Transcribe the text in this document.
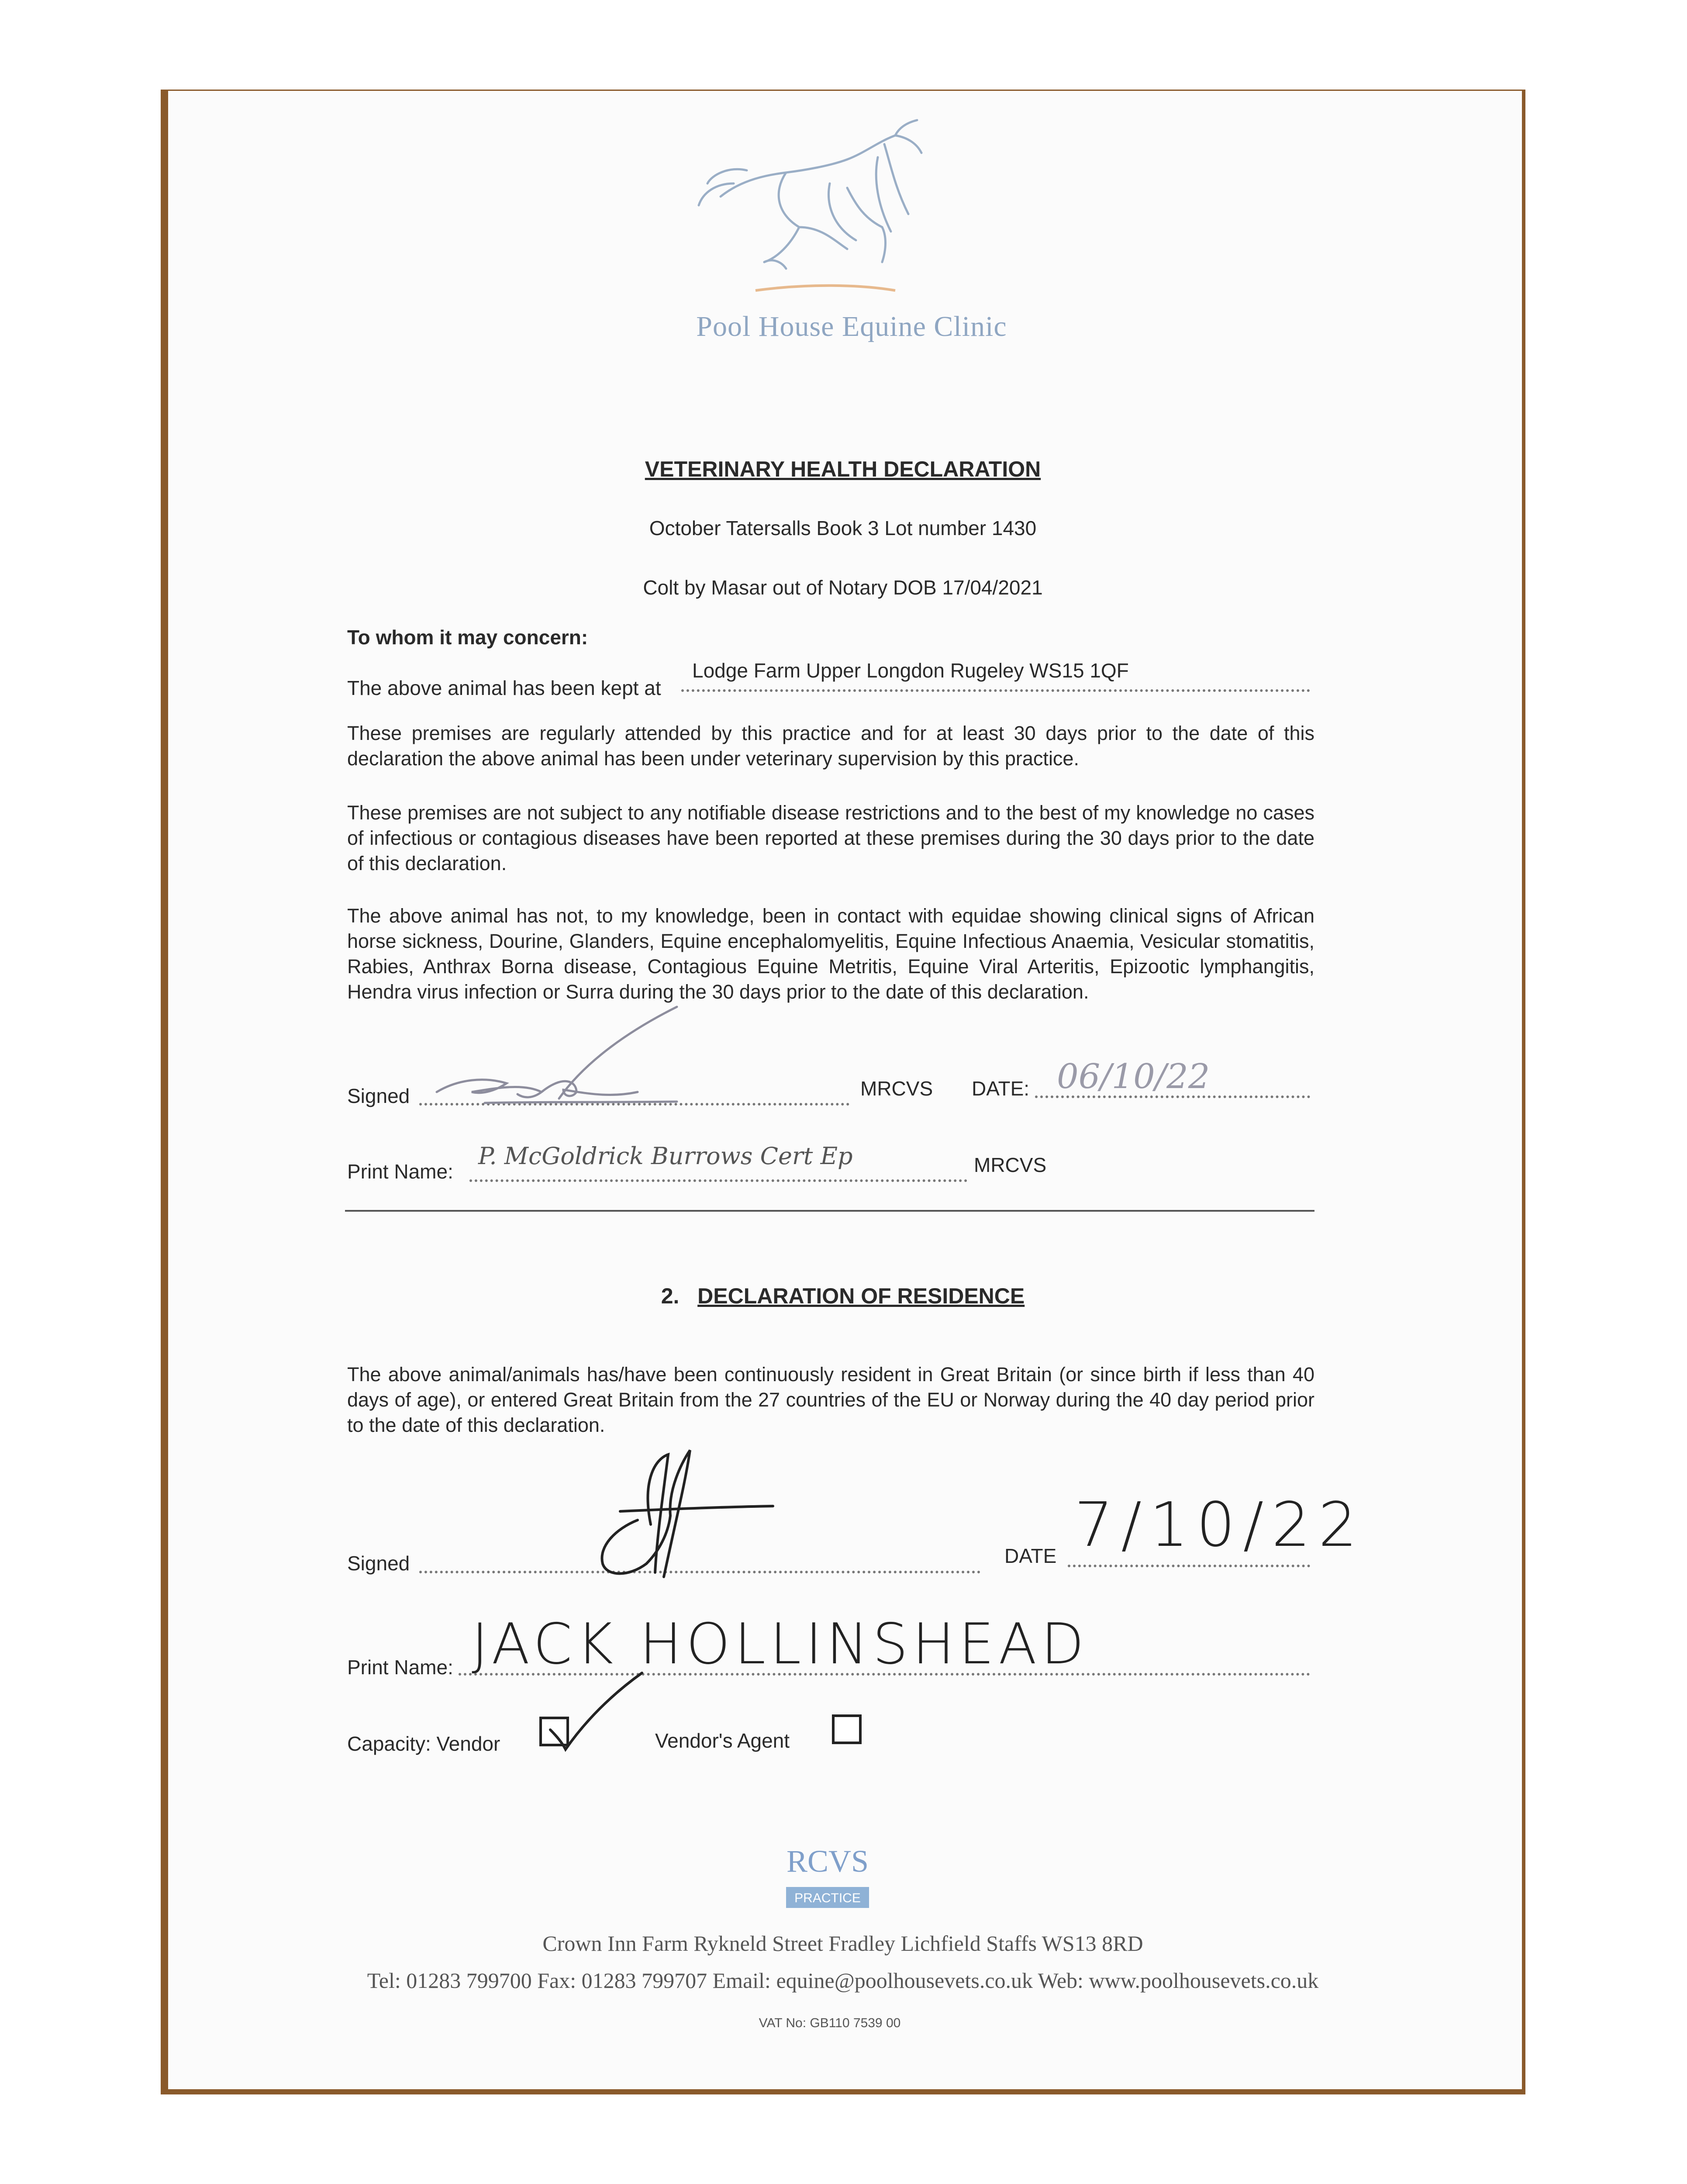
Pool House Equine Clinic
VETERINARY HEALTH DECLARATION
October Tatersalls Book 3 Lot number 1430
Colt by Masar out of Notary DOB 17/04/2021
To whom it may concern:
The above animal has been kept at
Lodge Farm Upper Longdon Rugeley WS15 1QF
These premises are regularly attended by this practice and for at least 30 days prior to the date of this declaration the above animal has been under veterinary supervision by this practice.
These premises are not subject to any notifiable disease restrictions and to the best of my knowledge no cases of infectious or contagious diseases have been reported at these premises during the 30 days prior to the date of this declaration.
The above animal has not, to my knowledge, been in contact with equidae showing clinical signs of African horse sickness, Dourine, Glanders, Equine encephalomyelitis, Equine Infectious Anaemia, Vesicular stomatitis, Rabies, Anthrax Borna disease, Contagious Equine Metritis, Equine Viral Arteritis, Epizootic lymphangitis, Hendra virus infection or Surra during the 30 days prior to the date of this declaration.
Signed	MRCVS DATE: 06/10/22
Print Name:
P. McGoldrick Burrows Cert Ep	MRCVS
2. DECLARATION OF RESIDENCE
The above animal/animals has/have been continuously resident in Great Britain (or since birth if less than 40 days of age), or entered Great Britain from the 27 countries of the EU or Norway during the 40 day period prior to the date of this declaration.
Signed	DATE 7/10/22
Print Name: JACK HOLLINSHEAD
Capacity: Vendor	Vendor's Agent
RCVS
PRACTICE
Crown Inn Farm Rykneld Street Fradley Lichfield Staffs WS13 8RD
Tel: 01283 799700 Fax: 01283 799707 Email: equine@poolhousevets.co.uk Web: www.poolhousevets.co.uk
VAT No: GB110 7539 00
